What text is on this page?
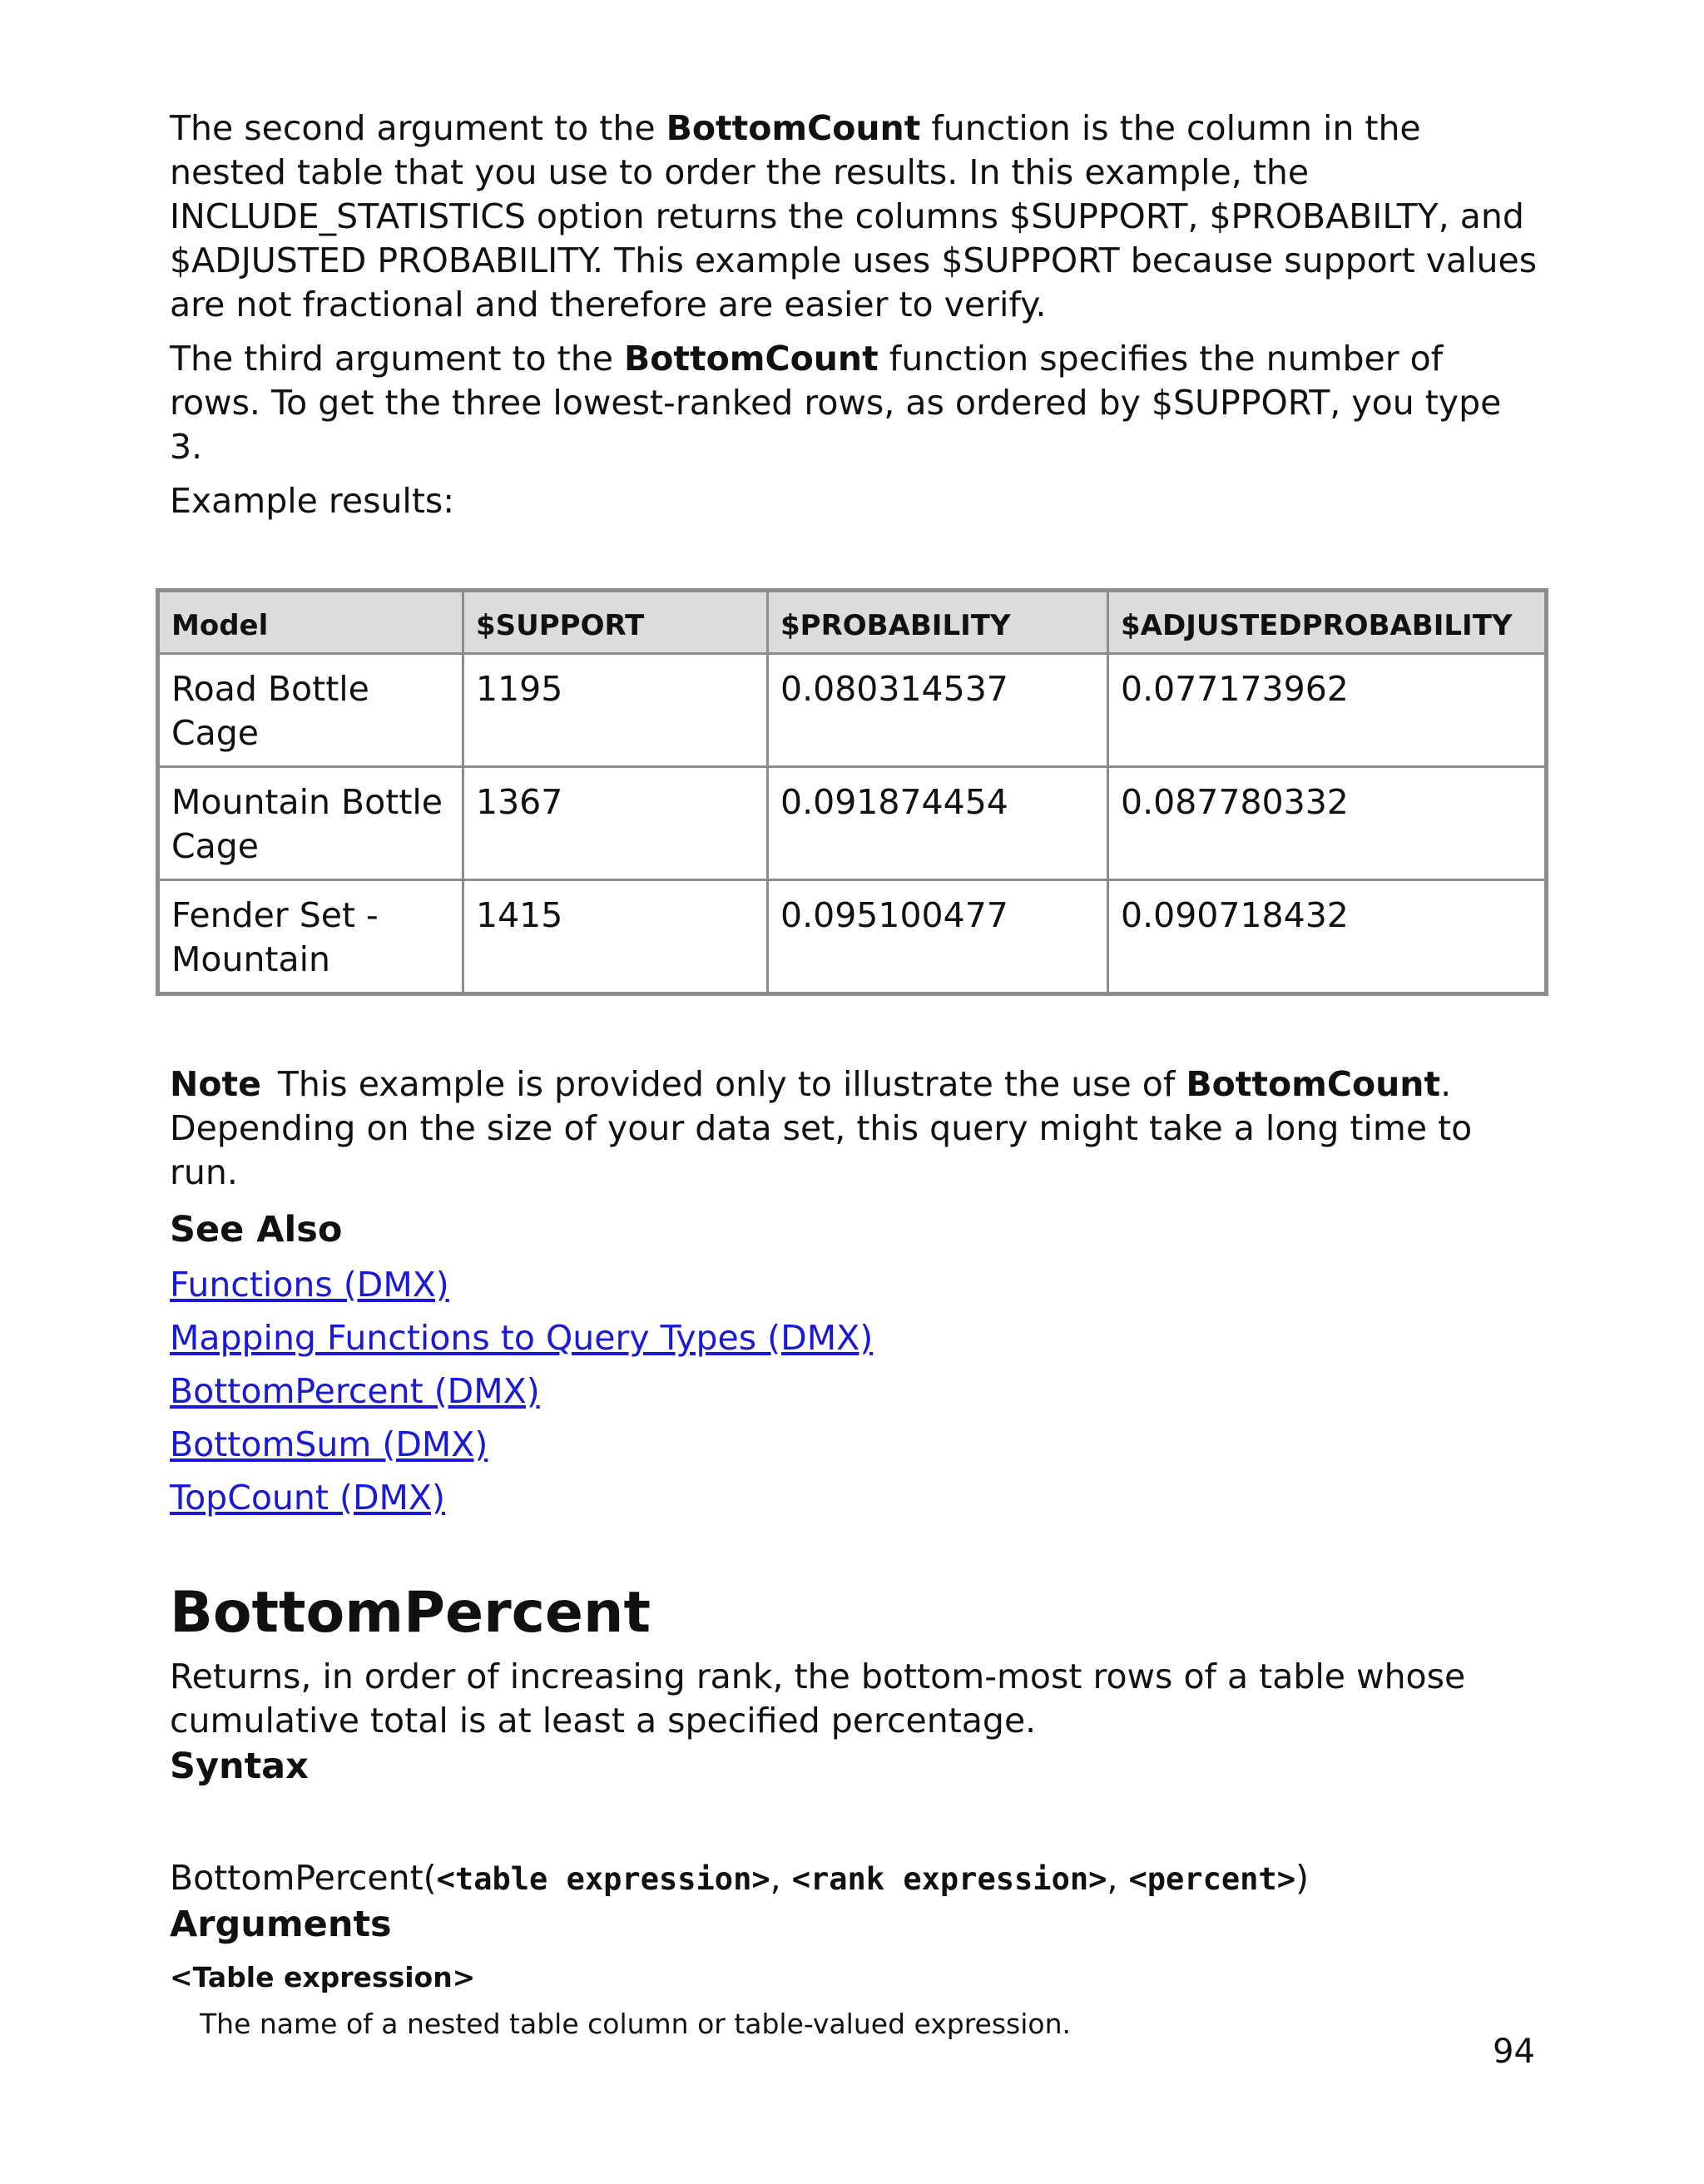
The second argument to the BottomCount function is the column in the nested table that you use to order the results. In this example, the INCLUDE_STATISTICS option returns the columns $SUPPORT, $PROBABILTY, and $ADJUSTED PROBABILITY. This example uses $SUPPORT because support values are not fractional and therefore are easier to verify.

The third argument to the BottomCount function specifies the number of rows. To get the three lowest-ranked rows, as ordered by $SUPPORT, you type 3.

Example results:

Model	$SUPPORT	$PROBABILITY	$ADJUSTEDPROBABILITY
Road Bottle Cage	1195	0.080314537	0.077173962
Mountain Bottle Cage	1367	0.091874454	0.087780332
Fender Set - Mountain	1415	0.095100477	0.090718432

Note This example is provided only to illustrate the use of BottomCount. Depending on the size of your data set, this query might take a long time to run.

See Also
Functions (DMX)
Mapping Functions to Query Types (DMX)
BottomPercent (DMX)
BottomSum (DMX)
TopCount (DMX)
BottomPercent

Returns, in order of increasing rank, the bottom-most rows of a table whose cumulative total is at least a specified percentage.

Syntax
BottomPercent(<table expression>, <rank expression>, <percent>)
Arguments
<Table expression>
The name of a nested table column or table-valued expression.
94
